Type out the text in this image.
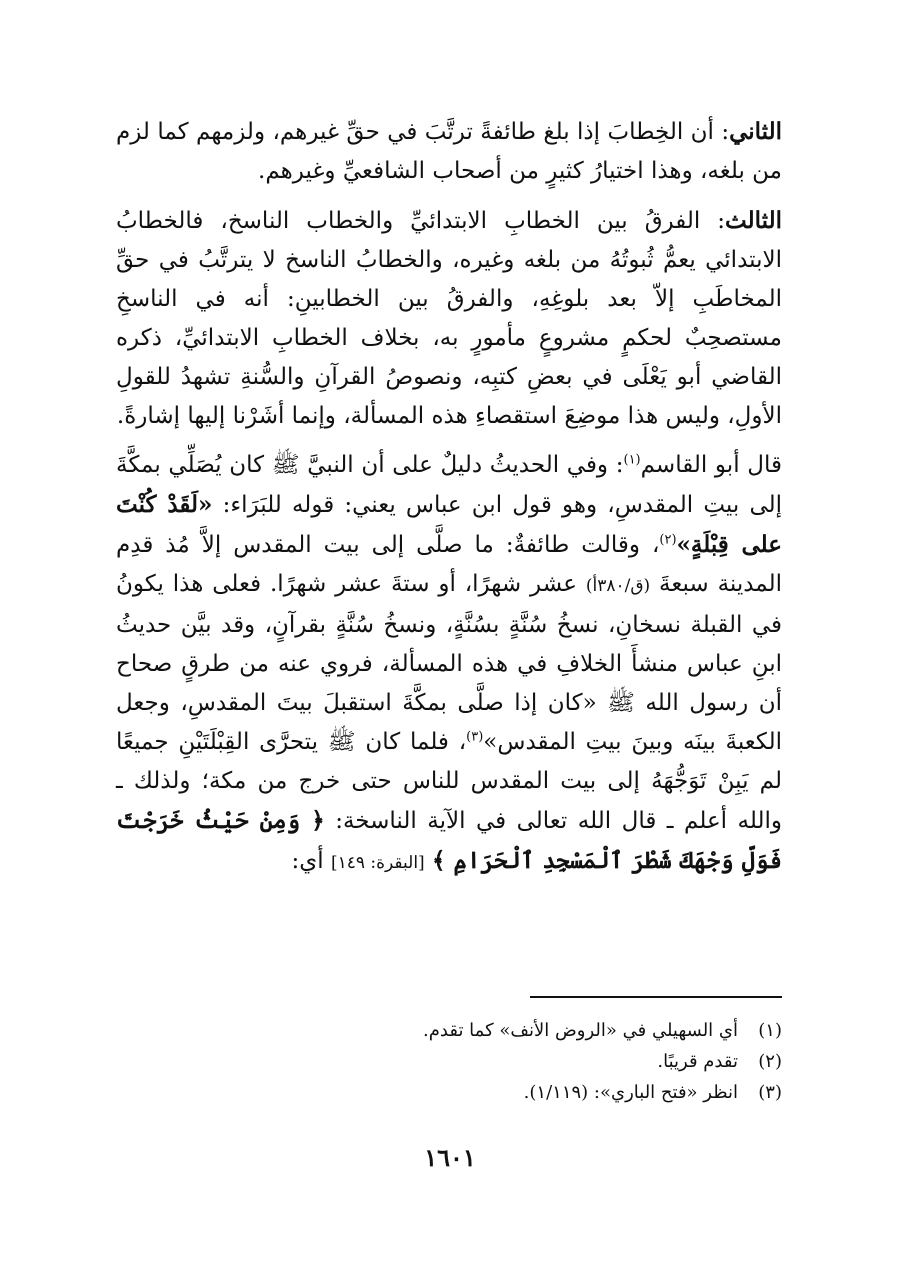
الثاني: أن الخِطابَ إذا بلغ طائفةً ترتَّبَ في حقِّ غيرهم، ولزمهم كما لزم من بلغه، وهذا اختيارُ كثيرٍ من أصحاب الشافعيِّ وغيرهم.

الثالث: الفرقُ بين الخطابِ الابتدائيِّ والخطاب الناسخ، فالخطابُ الابتدائي يعمُّ ثُبوتُهُ من بلغه وغيره، والخطابُ الناسخ لا يترتَّبُ في حقِّ المخاطَبِ إلاّ بعد بلوغِهِ، والفرقُ بين الخطابينِ: أنه في الناسخِ مستصحِبٌ لحكمٍ مشروعٍ مأمورٍ به، بخلاف الخطابِ الابتدائيِّ، ذكره القاضي أبو يَعْلَى في بعضِ كتبِه، ونصوصُ القرآنِ والسُّنةِ تشهدُ للقولِ الأولِ، وليس هذا موضِعَ استقصاءِ هذه المسألة، وإنما أشَرْنا إليها إشارةً.

قال أبو القاسم$^{(١)}$: وفي الحديثُ دليلٌ على أن النبيَّ ﷺ كان يُصَلِّي بمكَّةَ إلى بيتِ المقدسِ، وهو قول ابن عباس يعني: قوله للبَرَاء: «لَقَدْ كُنْتَ على قِبْلَةٍ»$^{(٢)}$، وقالت طائفةٌ: ما صلَّى إلى بيت المقدس إلاَّ مُذ قدِم المدينة سبعةَ (ق/٣٨٠أ) عشر شهرًا، أو ستةَ عشر شهرًا. فعلى هذا يكونُ في القبلة نسخانِ، نسخُ سُنَّةٍ بسُنَّةٍ، ونسخُ سُنَّةٍ بقرآنٍ، وقد بيَّن حديثُ ابنِ عباس منشأَ الخلافِ في هذه المسألة، فروي عنه من طرقٍ صحاح أن رسول الله ﷺ «كان إذا صلَّى بمكَّةَ استقبلَ بيتَ المقدسِ، وجعل الكعبةَ بينَه وبينَ بيتِ المقدس»$^{(٣)}$، فلما كان ﷺ يتحرَّى القِبْلَتَيْنِ جميعًا لم يَبِنْ تَوَجُّهَهُ إلى بيت المقدس للناس حتى خرج من مكة؛ ولذلك ـ والله أعلم ـ قال الله تعالى في الآية الناسخة: ﴿ وَمِنْ حَيْثُ خَرَجْتَ فَوَلِّ وَجْهَكَ شَطْرَ ٱلْمَسْجِدِ ٱلْحَرَامِ ﴾ [البقرة: ١٤٩] أي:

(١)
أي السهيلي في «الروض الأنف» كما تقدم.
(٢)
تقدم قريبًا.
(٣)
انظر «فتح الباري»: (١/١١٩).
١٦٠١
